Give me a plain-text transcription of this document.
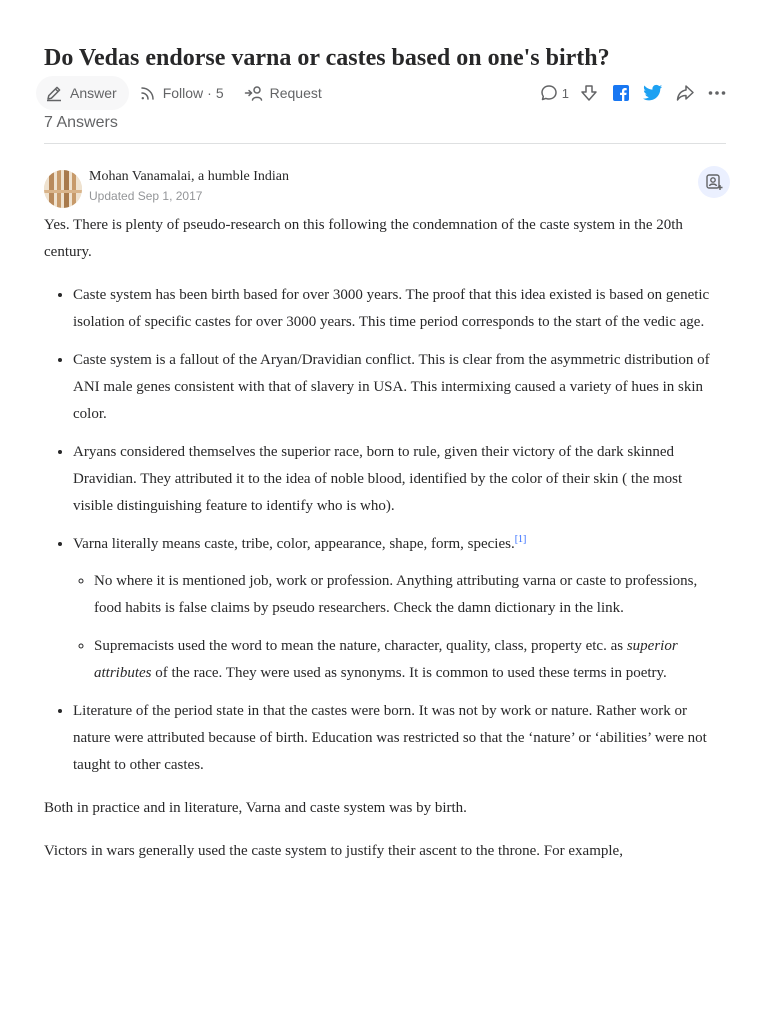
Do Vedas endorse varna or castes based on one's birth?
Answer	Follow
· 5	Request	1
7 Answers
Mohan Vanamalai, a humble Indian
Updated Sep 1, 2017

Yes. There is plenty of pseudo-research on this following the condemnation of the caste system in the 20th century.

• Caste system has been birth based for over 3000 years. The proof that this idea existed is based on genetic isolation of specific castes for over 3000 years. This time period corresponds to the start of the vedic age.
• Caste system is a fallout of the Aryan/Dravidian conflict. This is clear from the asymmetric distribution of ANI male genes consistent with that of slavery in USA. This intermixing caused a variety of hues in skin color.
• Aryans considered themselves the superior race, born to rule, given their victory of the dark skinned Dravidian. They attributed it to the idea of noble blood, identified by the color of their skin ( the most visible distinguishing feature to identify who is who).
• Varna literally means caste, tribe, color, appearance, shape, form, species.[1]
◦ No where it is mentioned job, work or profession. Anything attributing varna or caste to professions, food habits is false claims by pseudo researchers. Check the damn dictionary in the link.
◦ Supremacists used the word to mean the nature, character, quality, class, property etc. as superior attributes of the race. They were used as synonyms. It is common to used these terms in poetry.
• Literature of the period state in that the castes were born. It was not by work or nature. Rather work or nature were attributed because of birth. Education was restricted so that the ‘nature’ or ‘abilities’ were not taught to other castes.

Both in practice and in literature, Varna and caste system was by birth.

Victors in wars generally used the caste system to justify their ascent to the throne. For example,
